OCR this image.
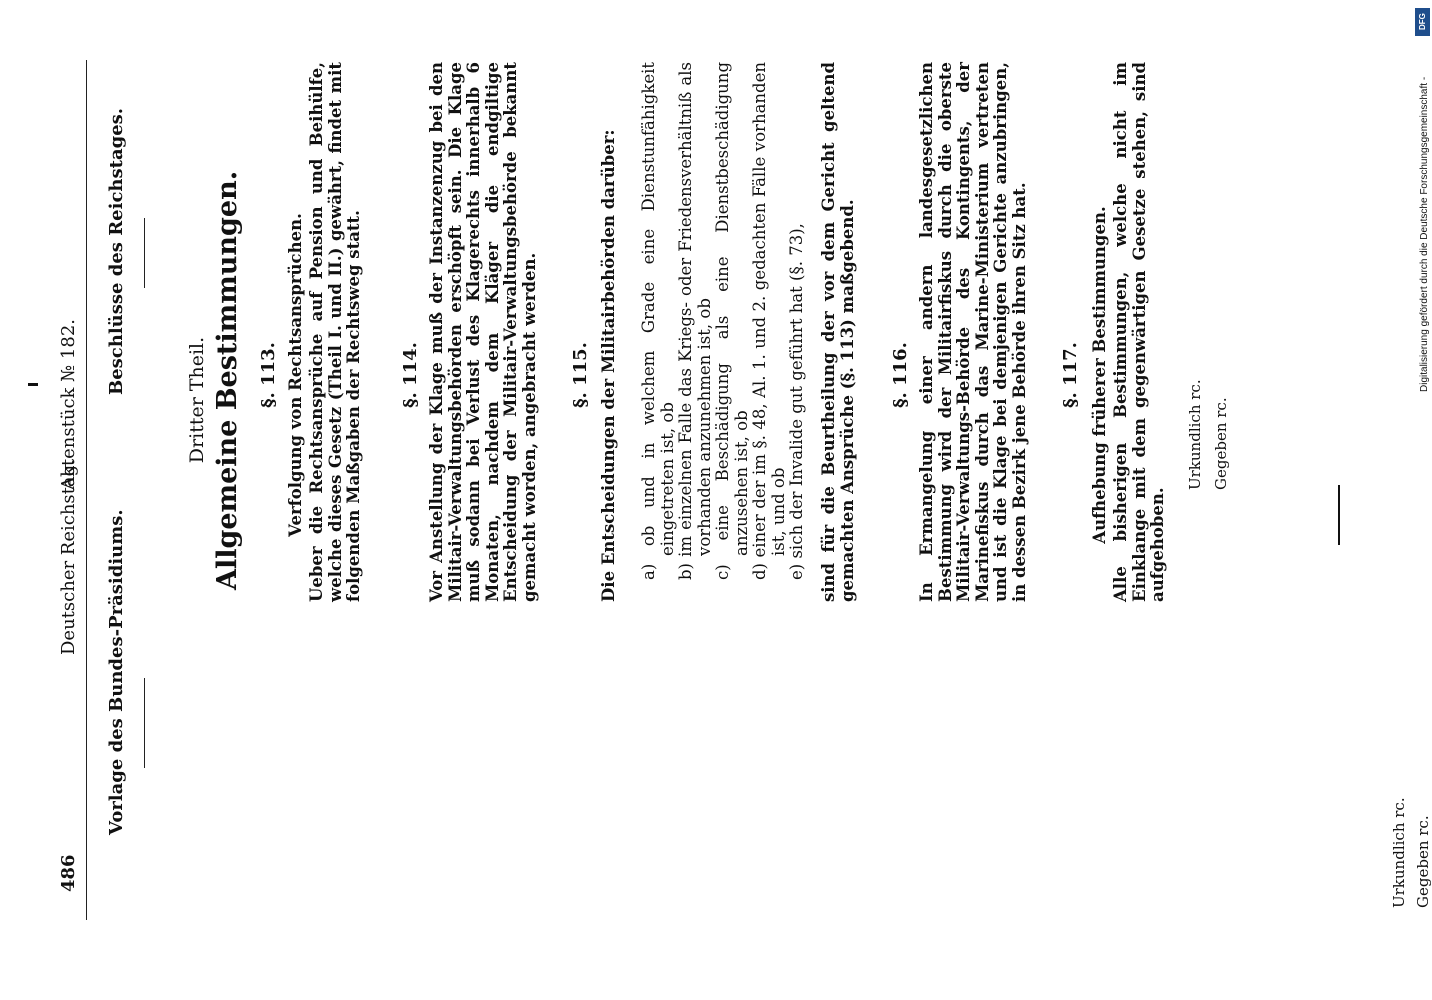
486
Deutscher Reichstag.
Aktenstück № 182.
Vorlage des Bundes-Präsidiums.
Beschlüsse des Reichstages.
Dritter Theil. Allgemeine Bestimmungen. §. 113. Verfolgung von Rechtsansprüchen. Ueber die Rechtsansprüche auf Pension und Beihülfe, welche dieses Gesetz (Theil I. und II.) gewährt, findet mit folgenden Maßgaben der Rechtsweg statt. §. 114. Vor Anstellung der Klage muß der Instanzenzug bei den Militair-Verwaltungsbehörden erschöpft sein. Die Klage muß sodann bei Verlust des Klagerechts innerhalb 6 Monaten, nachdem dem Kläger die endgiltige Entscheidung der Militair-Verwaltungsbehörde bekannt gemacht worden, angebracht werden. §. 115. Die Entscheidungen der Militairbehörden darüber: a) ob und in welchem Grade eine Dienstunfähigkeit eingetreten ist, ob
b) im einzelnen Falle das Kriegs- oder Friedensverhältniß als vorhanden anzunehmen ist, ob
c) eine Beschädigung als eine Dienstbeschädigung anzusehen ist, ob
d) einer der im §. 48, Al. 1. und 2. gedachten Fälle vorhanden ist, und ob
e) sich der Invalide gut geführt hat (§. 73), sind für die Beurtheilung der vor dem Gericht geltend gemachten Ansprüche (§. 113) maßgebend. §. 116. In Ermangelung einer andern landesgesetzlichen Bestimmung wird der Militairfiskus durch die oberste Militair-Verwaltungs-Behörde des Kontingents, der Marinefiskus durch das Marine-Ministerium vertreten und ist die Klage bei demjenigen Gerichte anzubringen, in dessen Bezirk jene Behörde ihren Sitz hat. §. 117. Aufhebung früherer Bestimmungen. Alle bisherigen Bestimmungen, welche nicht im Einklange mit dem gegenwärtigen Gesetze stehen, sind aufgehoben.
Urkundlich rc. Gegeben rc.
Urkundlich rc. Gegeben rc.
Digitalisierung gefördert durch die Deutsche Forschungsgemeinschaft -
DFG
